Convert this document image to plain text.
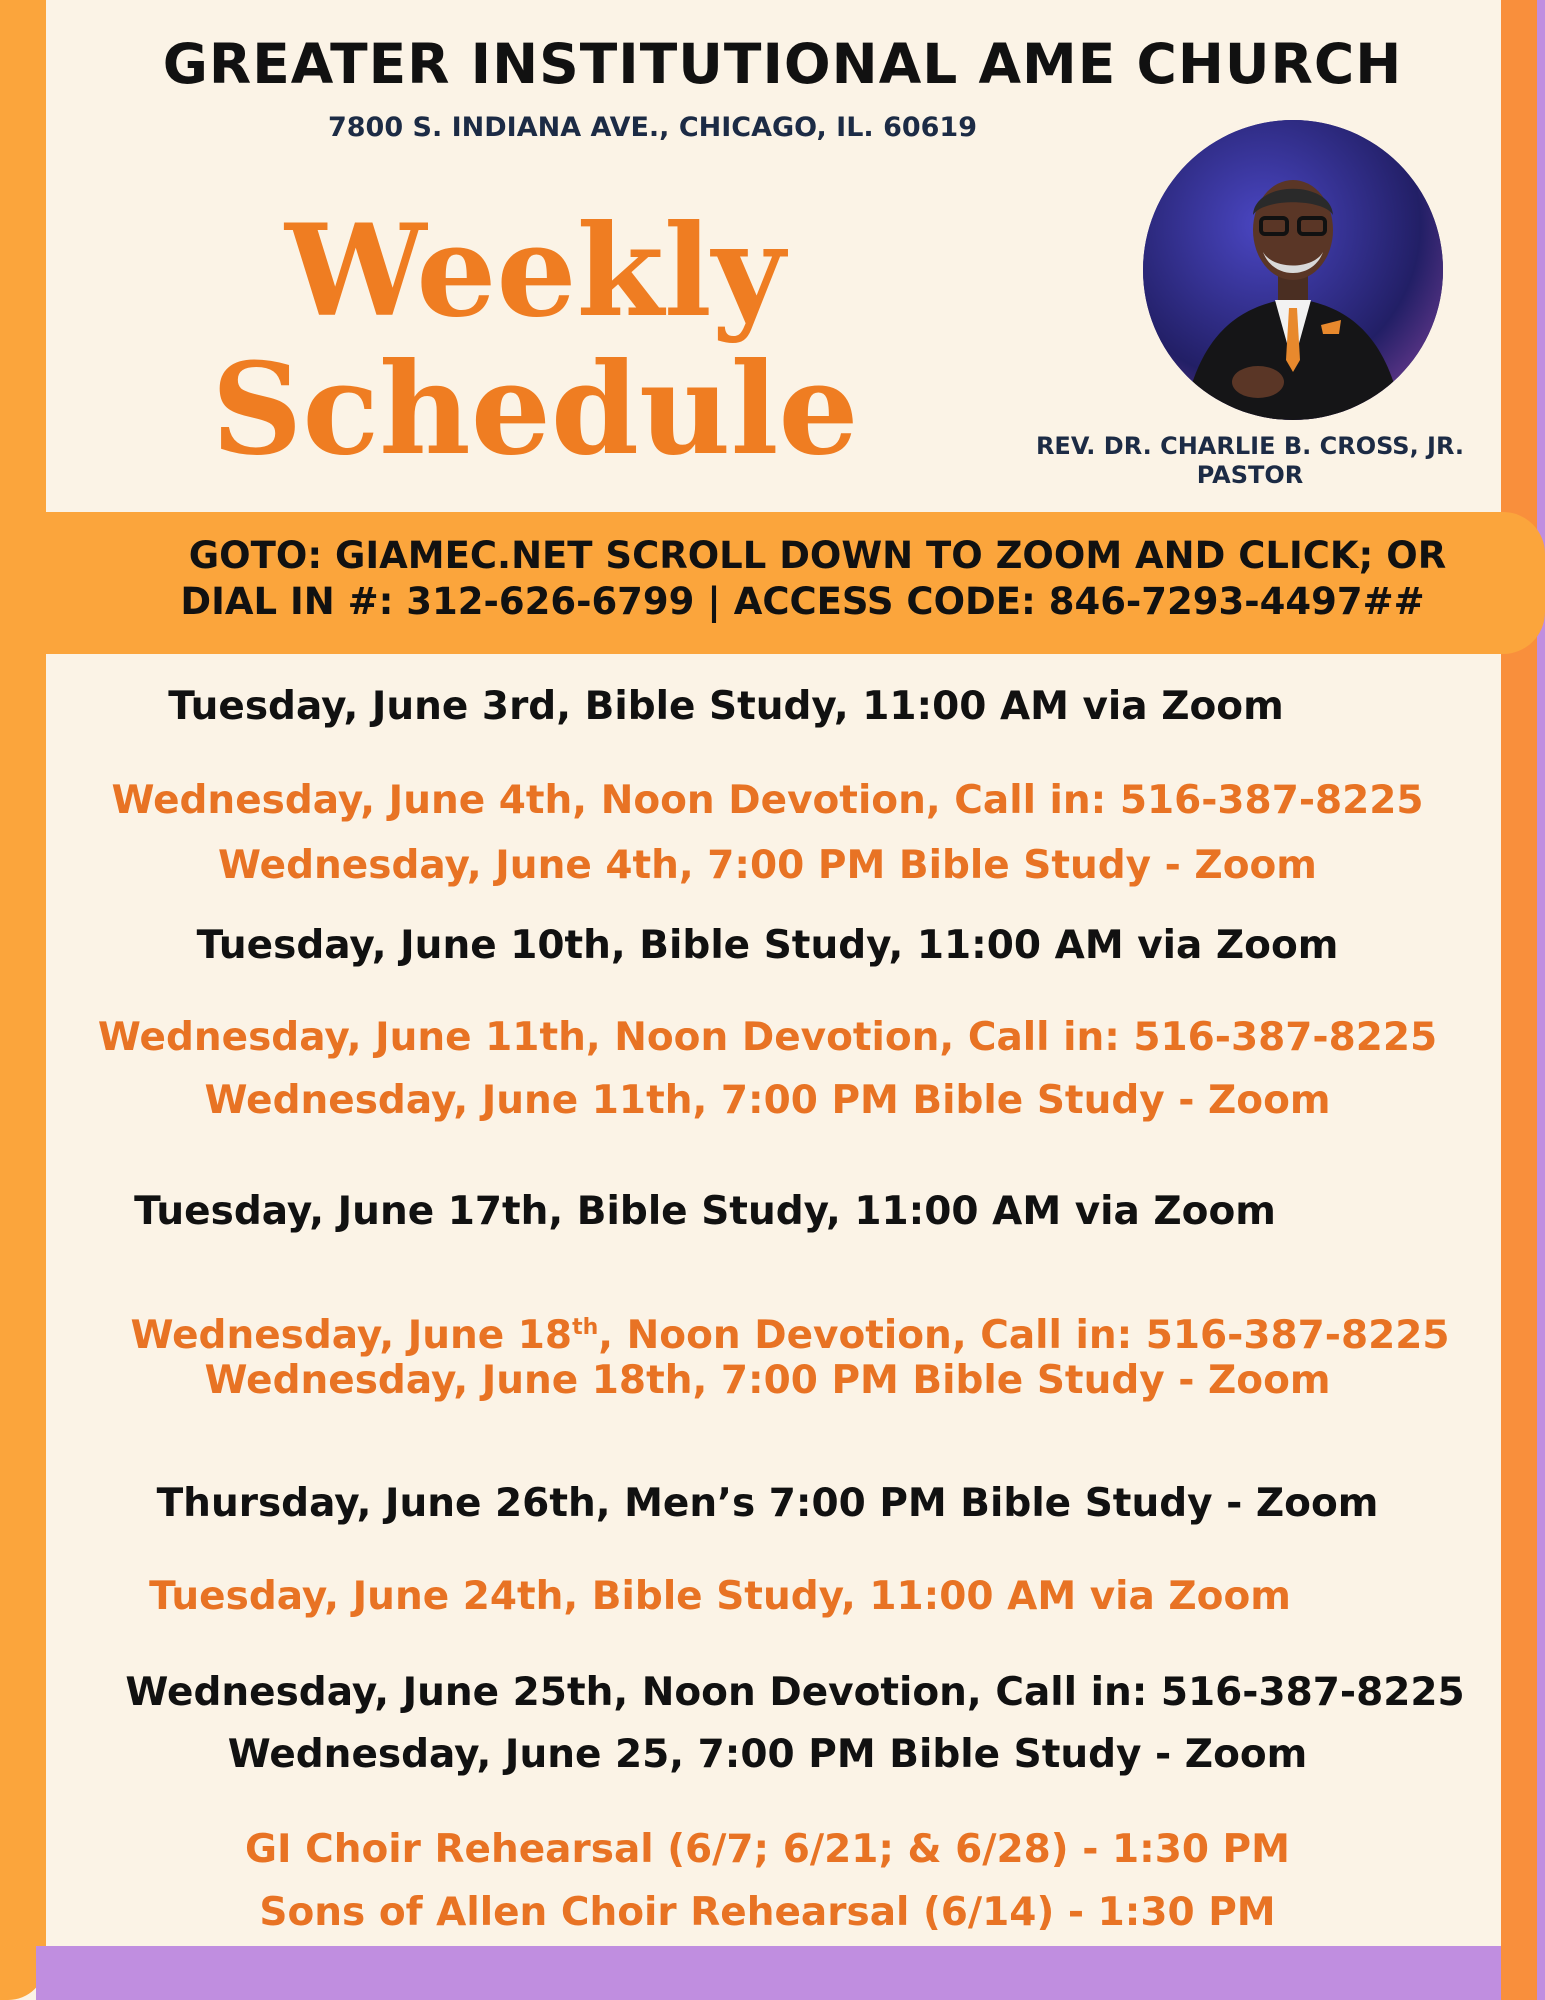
GREATER INSTITUTIONAL AME CHURCH
7800 S. INDIANA AVE., CHICAGO, IL. 60619
Weekly
Schedule	REV. DR. CHARLIE B. CROSS, JR.
PASTOR
GOTO: GIAMEC.NET SCROLL DOWN TO ZOOM AND CLICK; OR
DIAL IN #: 312-626-6799 | ACCESS CODE: 846-7293-4497##
Tuesday, June 3rd, Bible Study, 11:00 AM via Zoom
Wednesday, June 4th, Noon Devotion, Call in: 516-387-8225
Wednesday, June 4th, 7:00 PM Bible Study - Zoom
Tuesday, June 10th, Bible Study, 11:00 AM via Zoom
Wednesday, June 11th, Noon Devotion, Call in: 516-387-8225
Wednesday, June 11th, 7:00 PM Bible Study - Zoom
Tuesday, June 17th, Bible Study, 11:00 AM via Zoom
Wednesday, June 18th, Noon Devotion, Call in: 516-387-8225
Wednesday, June 18th, 7:00 PM Bible Study - Zoom
Thursday, June 26th, Men’s 7:00 PM Bible Study - Zoom
Tuesday, June 24th, Bible Study, 11:00 AM via Zoom
Wednesday, June 25th, Noon Devotion, Call in: 516-387-8225
Wednesday, June 25, 7:00 PM Bible Study - Zoom
GI Choir Rehearsal (6/7; 6/21; & 6/28) - 1:30 PM
Sons of Allen Choir Rehearsal (6/14) - 1:30 PM
